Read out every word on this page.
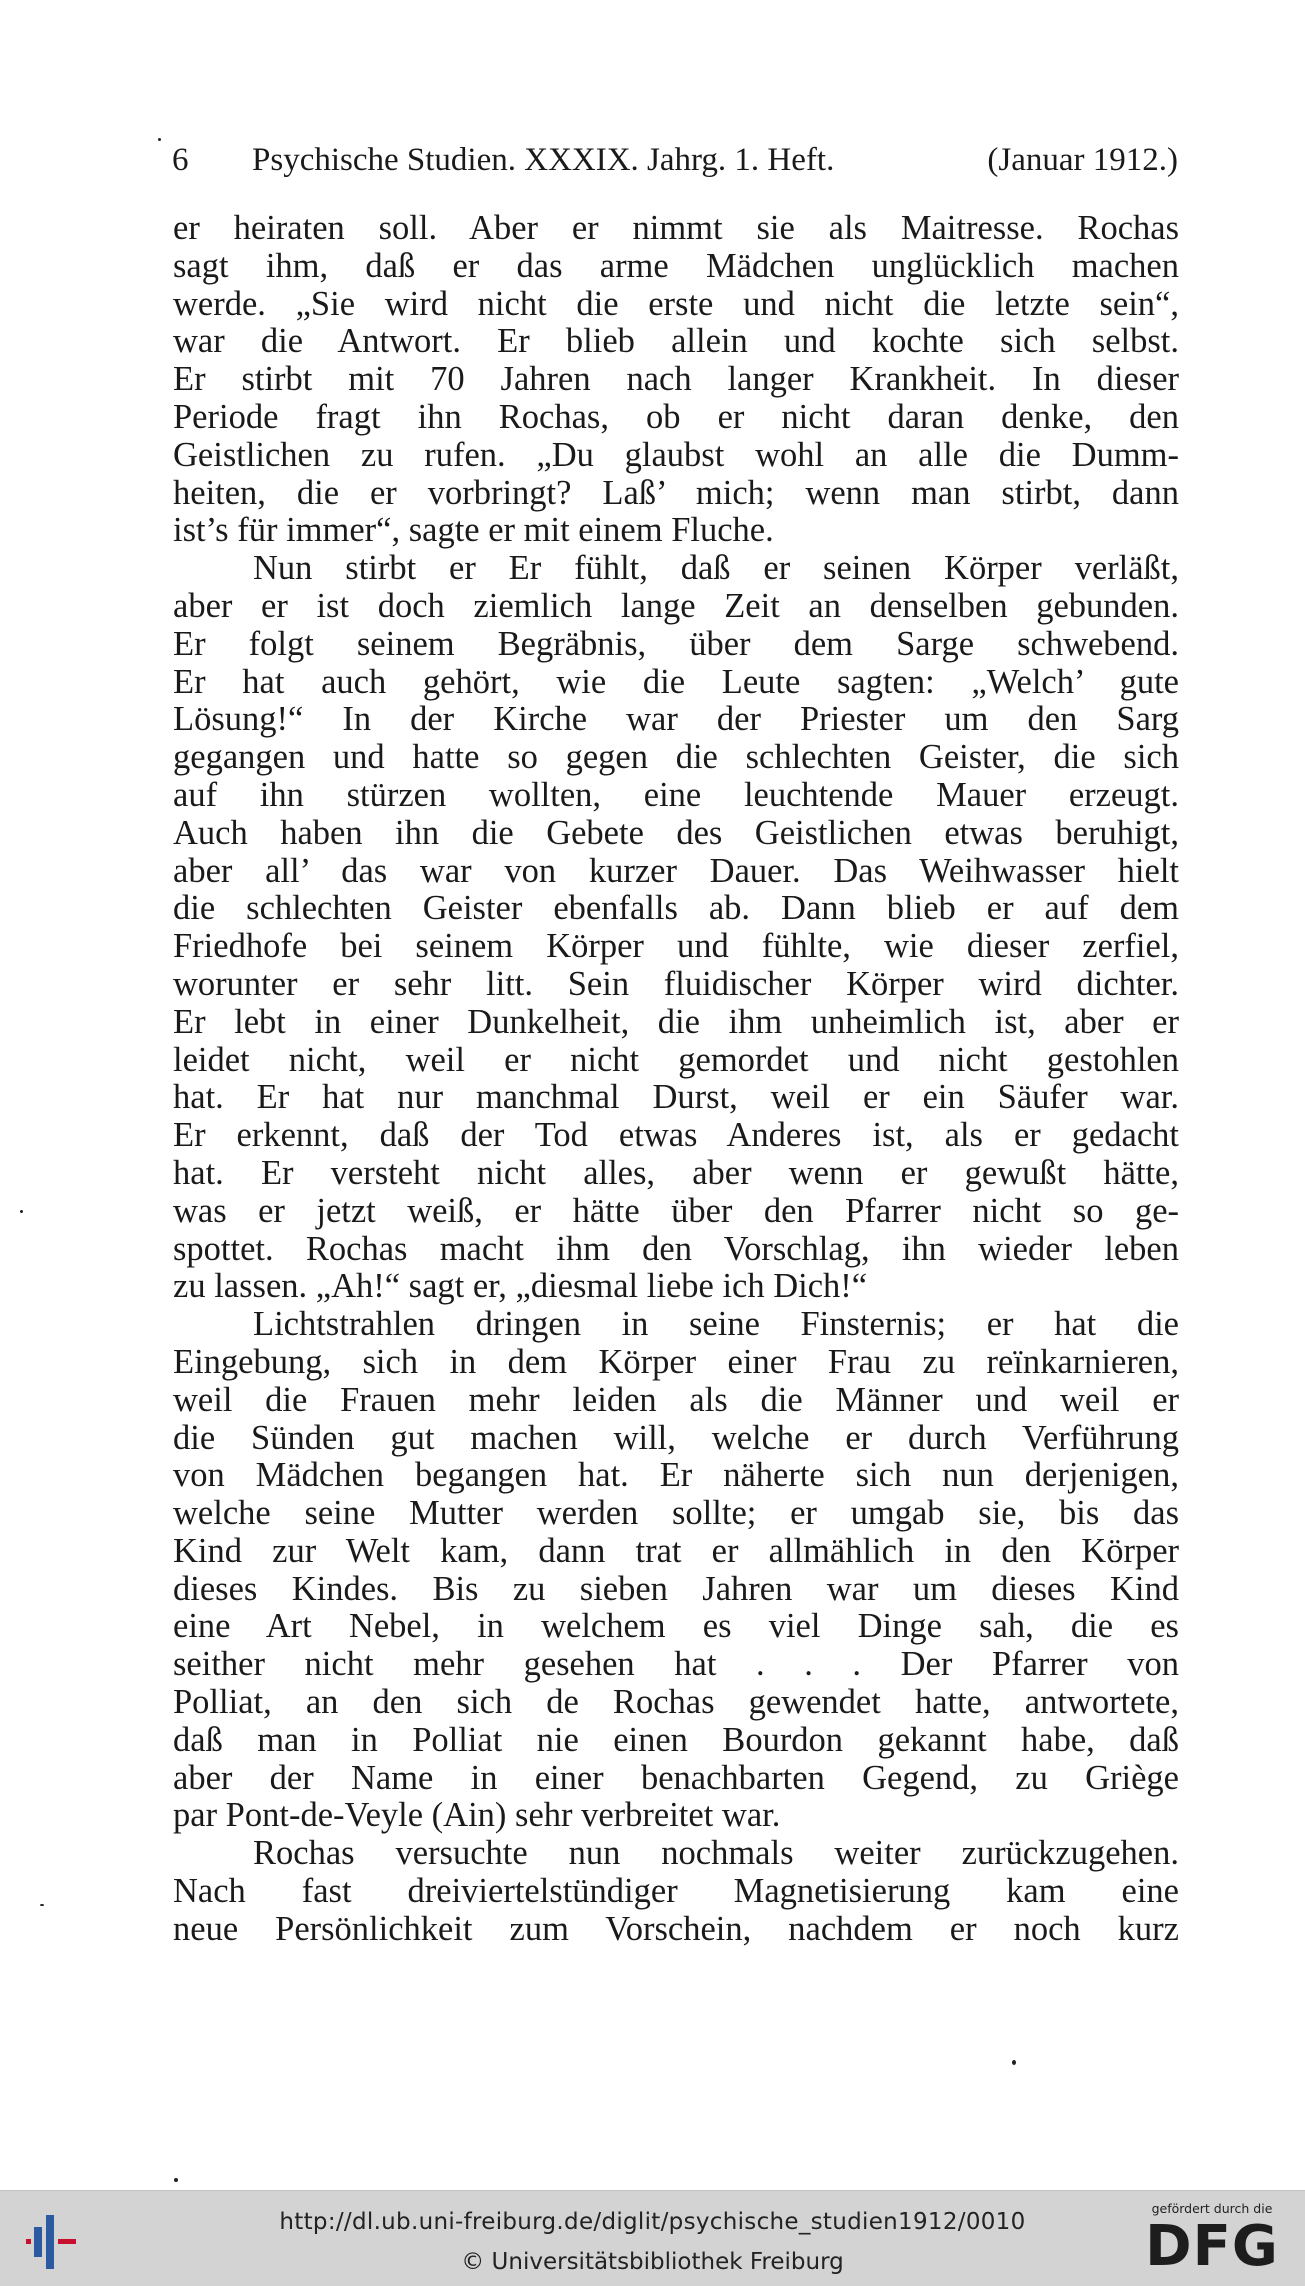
6 Psychische Studien. XXXIX. Jahrg. 1. Heft.	(Januar 1912.)
er heiraten soll. Aber er nimmt sie als Maitresse. Rochas
sagt ihm, daß er das arme Mädchen unglücklich machen
werde. „Sie wird nicht die erste und nicht die letzte sein“,
war die Antwort. Er blieb allein und kochte sich selbst.
Er stirbt mit 70 Jahren nach langer Krankheit. In dieser
Periode fragt ihn Rochas, ob er nicht daran denke, den
Geistlichen zu rufen. „Du glaubst wohl an alle die Dumm-
heiten, die er vorbringt? Laß’ mich; wenn man stirbt, dann
ist’s für immer“, sagte er mit einem Fluche.
Nun stirbt er Er fühlt, daß er seinen Körper verläßt,
aber er ist doch ziemlich lange Zeit an denselben gebunden.
Er folgt seinem Begräbnis, über dem Sarge schwebend.
Er hat auch gehört, wie die Leute sagten: „Welch’ gute
Lösung!“ In der Kirche war der Priester um den Sarg
gegangen und hatte so gegen die schlechten Geister, die sich
auf ihn stürzen wollten, eine leuchtende Mauer erzeugt.
Auch haben ihn die Gebete des Geistlichen etwas beruhigt,
aber all’ das war von kurzer Dauer. Das Weihwasser hielt
die schlechten Geister ebenfalls ab. Dann blieb er auf dem
Friedhofe bei seinem Körper und fühlte, wie dieser zerfiel,
worunter er sehr litt. Sein fluidischer Körper wird dichter.
Er lebt in einer Dunkelheit, die ihm unheimlich ist, aber er
leidet nicht, weil er nicht gemordet und nicht gestohlen
hat. Er hat nur manchmal Durst, weil er ein Säufer war.
Er erkennt, daß der Tod etwas Anderes ist, als er gedacht
hat. Er versteht nicht alles, aber wenn er gewußt hätte,
was er jetzt weiß, er hätte über den Pfarrer nicht so ge-
spottet. Rochas macht ihm den Vorschlag, ihn wieder leben
zu lassen. „Ah!“ sagt er, „diesmal liebe ich Dich!“
Lichtstrahlen dringen in seine Finsternis; er hat die
Eingebung, sich in dem Körper einer Frau zu reïnkarnieren,
weil die Frauen mehr leiden als die Männer und weil er
die Sünden gut machen will, welche er durch Verführung
von Mädchen begangen hat. Er näherte sich nun derjenigen,
welche seine Mutter werden sollte; er umgab sie, bis das
Kind zur Welt kam, dann trat er allmählich in den Körper
dieses Kindes. Bis zu sieben Jahren war um dieses Kind
eine Art Nebel, in welchem es viel Dinge sah, die es
seither nicht mehr gesehen hat . . . Der Pfarrer von
Polliat, an den sich de Rochas gewendet hatte, antwortete,
daß man in Polliat nie einen Bourdon gekannt habe, daß
aber der Name in einer benachbarten Gegend, zu Griège
par Pont-de-Veyle (Ain) sehr verbreitet war.
Rochas versuchte nun nochmals weiter zurückzugehen.
Nach fast dreiviertelstündiger Magnetisierung kam eine
neue Persönlichkeit zum Vorschein, nachdem er noch kurz
http://dl.ub.uni-freiburg.de/diglit/psychische_studien1912/0010
© Universitätsbibliothek Freiburg
gefördert durch die
DFG
